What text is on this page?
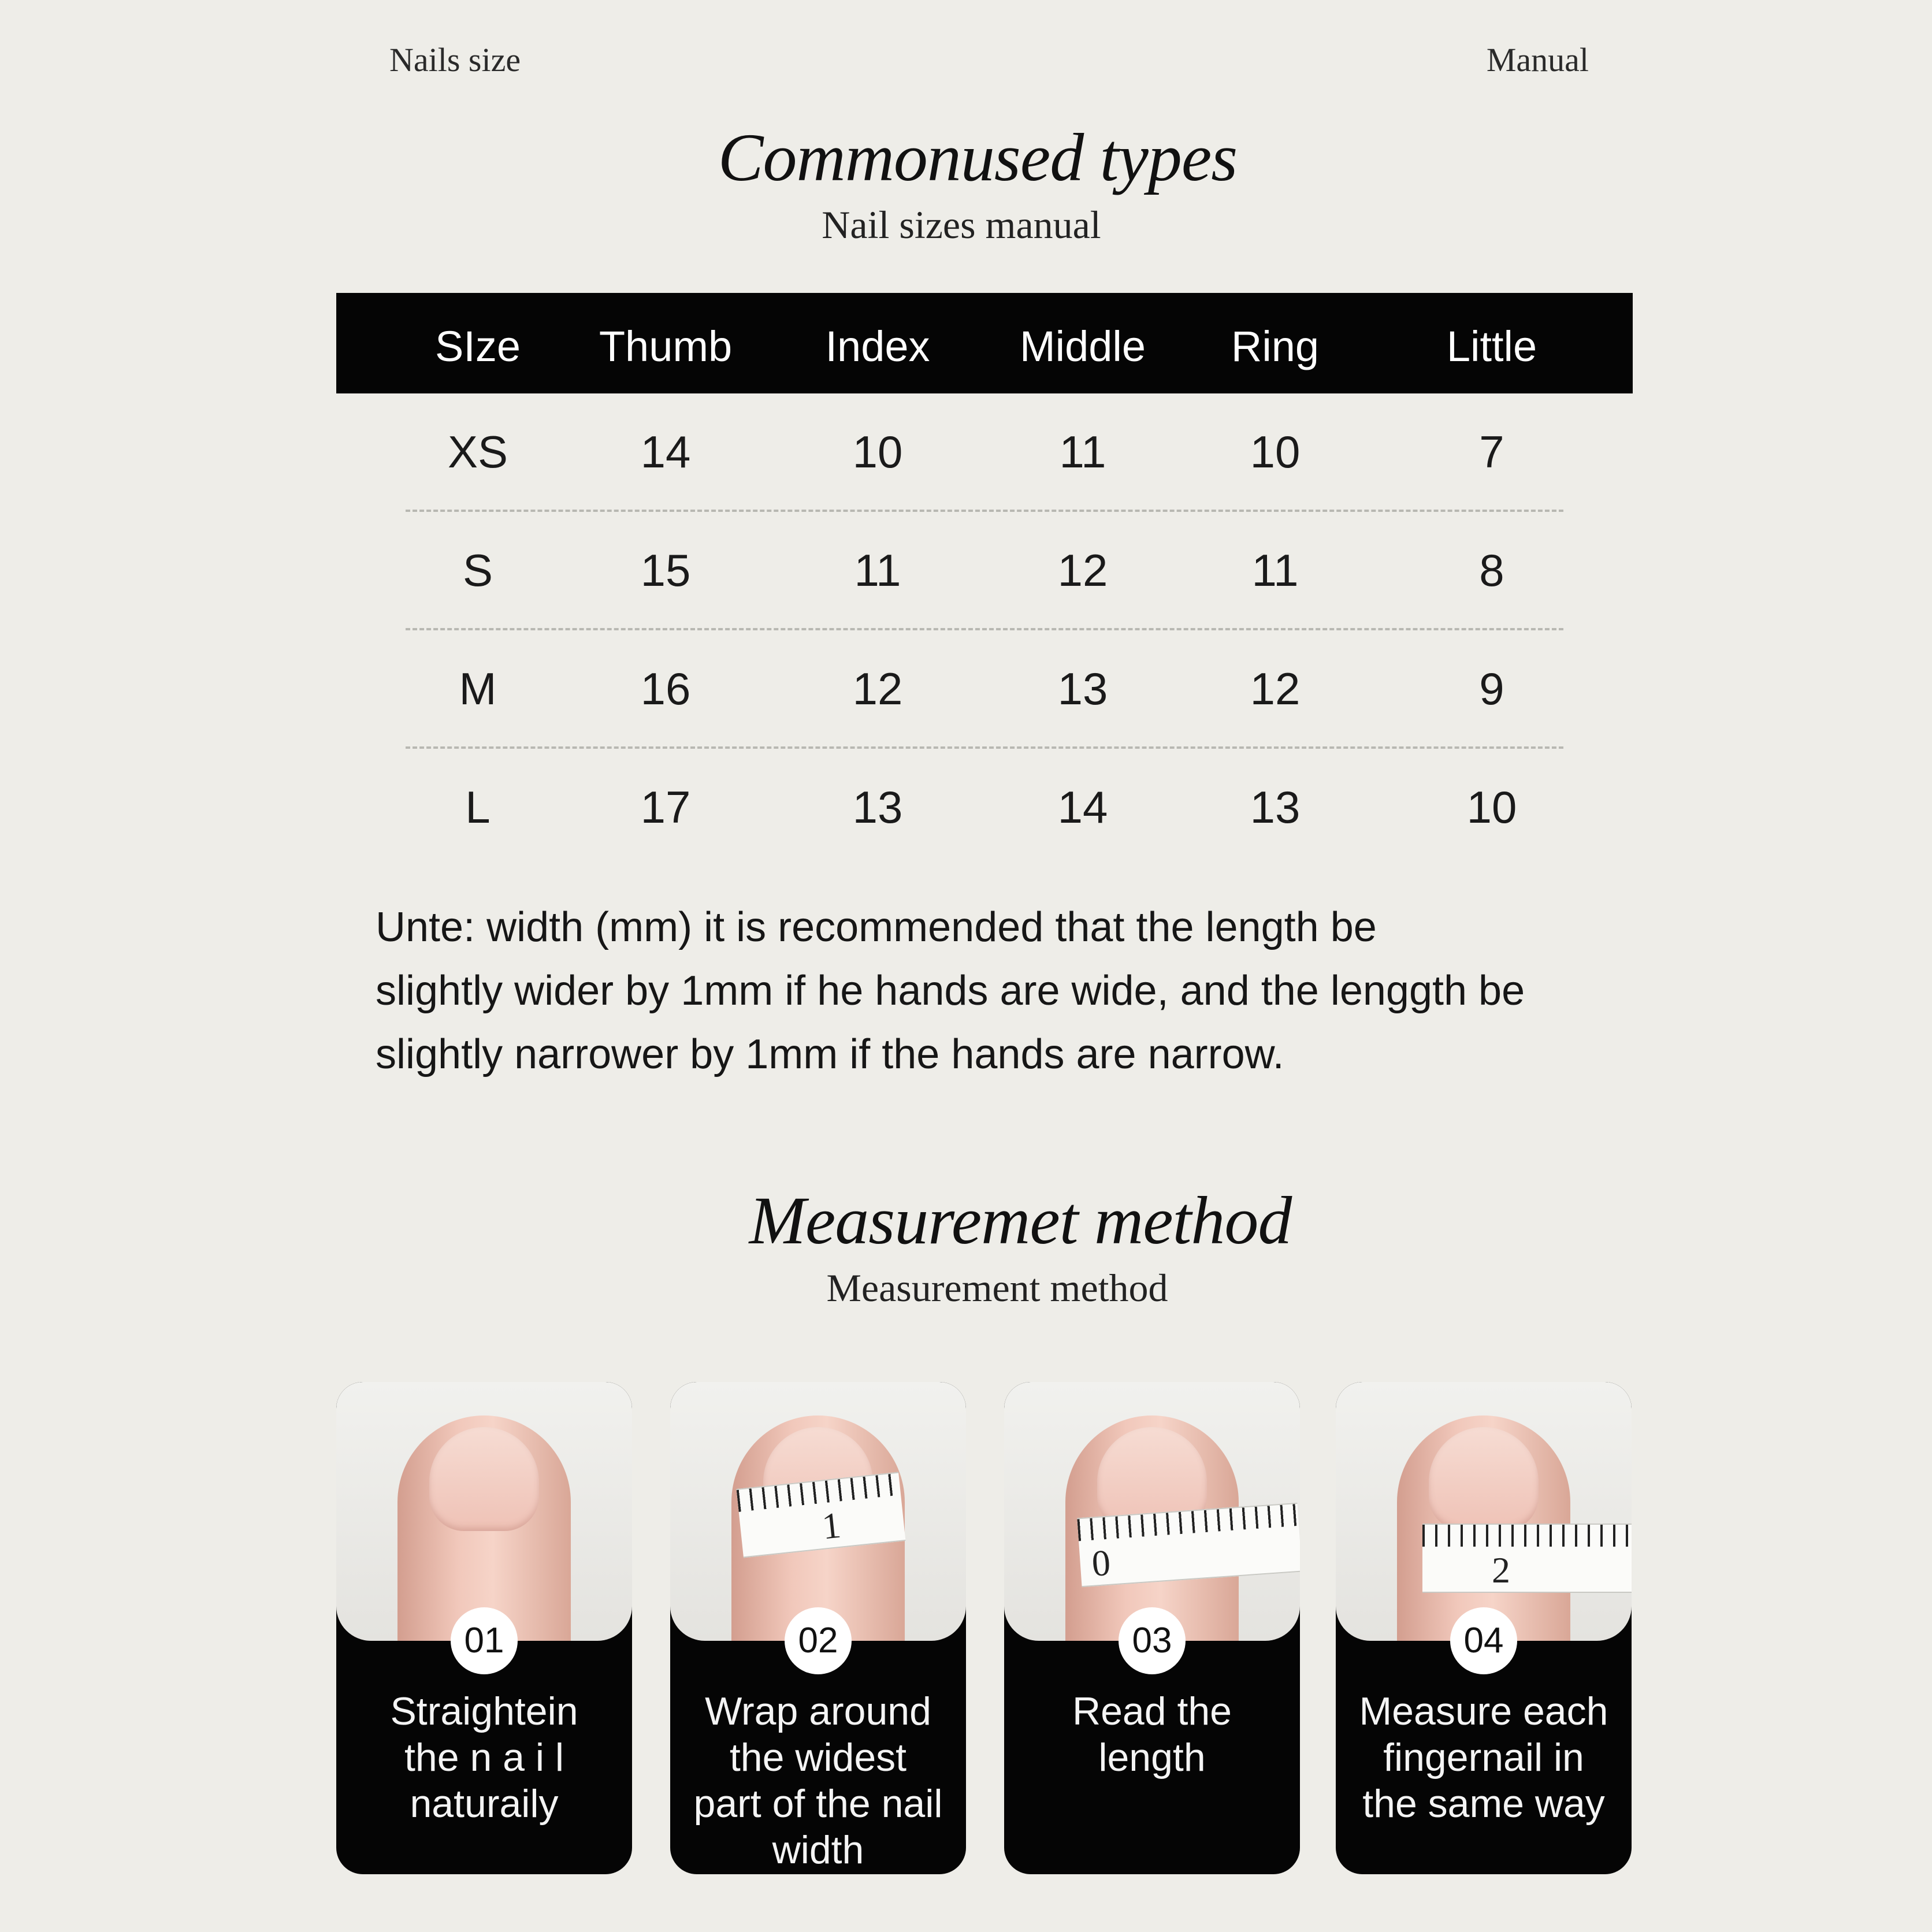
Nails size	Manual
Commonused types
Nail sizes manual
SIze	Thumb	Index	Middle	Ring	Little
XS	14	10	11	10	7
S	15	11	12	11	8
M	16	12	13	12	9
L	17	13	14	13	10
Unte: width (mm) it is recommended that the length be
slightly wider by 1mm if he hands are wide, and the lenggth be
slightly narrower by 1mm if the hands are narrow.
Measuremet method
Measurement method
01
Straightein
the n a i l
naturaily
1
02
Wrap around
the widest
part of the nail
width
0
03
Read the
length
2
04
Measure each
fingernail in
the same way
